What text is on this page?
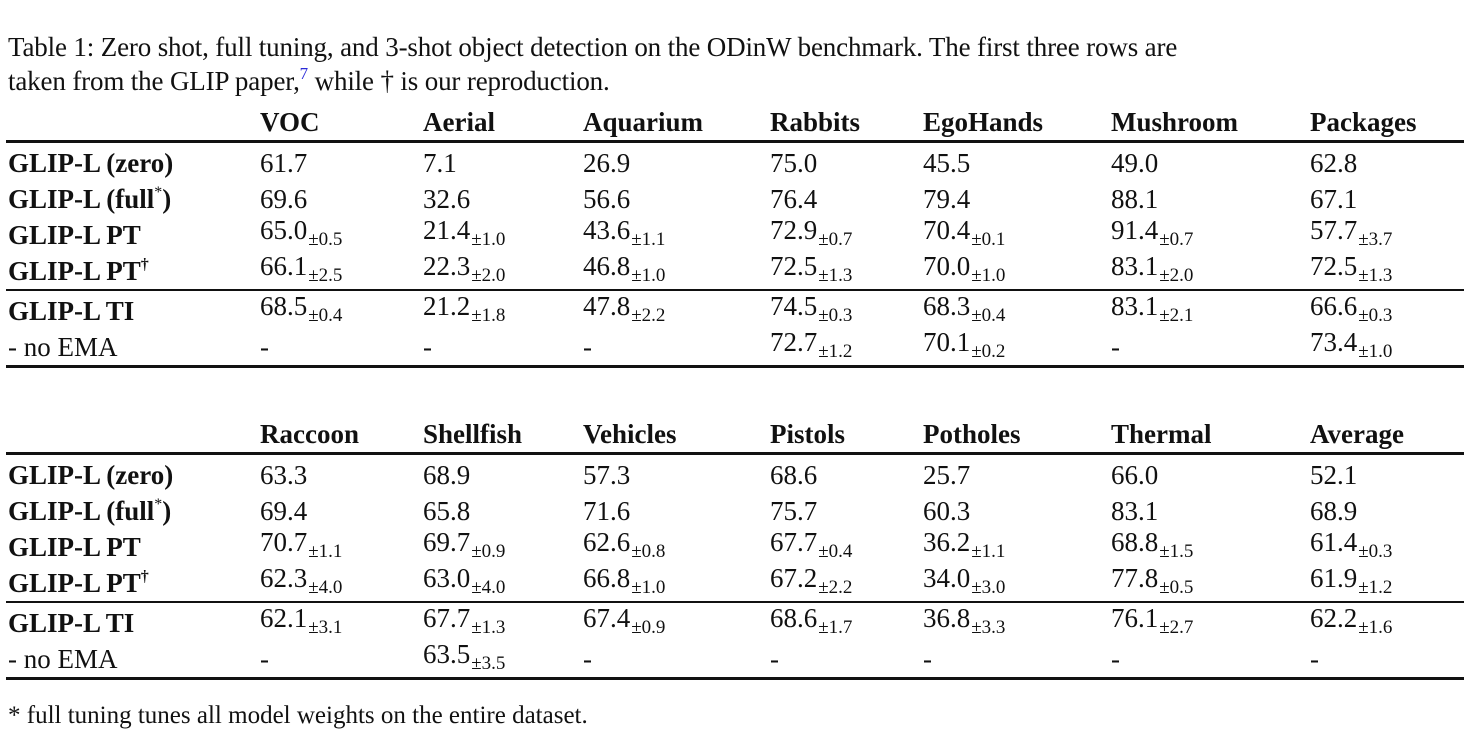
Table 1: Zero shot, full tuning, and 3-shot object detection on the ODinW benchmark. The first three rows are
taken from the GLIP paper,$^7$ while † is our reproduction.
	VOC	Aerial	Aquarium	Rabbits	EgoHands	Mushroom	Packages
GLIP-L (zero)	61.7	7.1	26.9	75.0	45.5	49.0	62.8
GLIP-L (full*)	69.6	32.6	56.6	76.4	79.4	88.1	67.1
GLIP-L PT	$65.0_{\pm 0.5}$	$21.4_{\pm 1.0}$	$43.6_{\pm 1.1}$	$72.9_{\pm 0.7}$	$70.4_{\pm 0.1}$	$91.4_{\pm 0.7}$	$57.7_{\pm 3.7}$
GLIP-L PT†	$66.1_{\pm 2.5}$	$22.3_{\pm 2.0}$	$46.8_{\pm 1.0}$	$72.5_{\pm 1.3}$	$70.0_{\pm 1.0}$	$83.1_{\pm 2.0}$	$72.5_{\pm 1.3}$
GLIP-L TI	$68.5_{\pm 0.4}$	$21.2_{\pm 1.8}$	$47.8_{\pm 2.2}$	$74.5_{\pm 0.3}$	$68.3_{\pm 0.4}$	$83.1_{\pm 2.1}$	$66.6_{\pm 0.3}$
- no EMA	-	-	-	$72.7_{\pm 1.2}$	$70.1_{\pm 0.2}$	-	$73.4_{\pm 1.0}$
	Raccoon	Shellfish	Vehicles	Pistols	Potholes	Thermal	Average
GLIP-L (zero)	63.3	68.9	57.3	68.6	25.7	66.0	52.1
GLIP-L (full*)	69.4	65.8	71.6	75.7	60.3	83.1	68.9
GLIP-L PT	$70.7_{\pm 1.1}$	$69.7_{\pm 0.9}$	$62.6_{\pm 0.8}$	$67.7_{\pm 0.4}$	$36.2_{\pm 1.1}$	$68.8_{\pm 1.5}$	$61.4_{\pm 0.3}$
GLIP-L PT†	$62.3_{\pm 4.0}$	$63.0_{\pm 4.0}$	$66.8_{\pm 1.0}$	$67.2_{\pm 2.2}$	$34.0_{\pm 3.0}$	$77.8_{\pm 0.5}$	$61.9_{\pm 1.2}$
GLIP-L TI	$62.1_{\pm 3.1}$	$67.7_{\pm 1.3}$	$67.4_{\pm 0.9}$	$68.6_{\pm 1.7}$	$36.8_{\pm 3.3}$	$76.1_{\pm 2.7}$	$62.2_{\pm 1.6}$
- no EMA	-	$63.5_{\pm 3.5}$	-	-	-	-	-
* full tuning tunes all model weights on the entire dataset.
